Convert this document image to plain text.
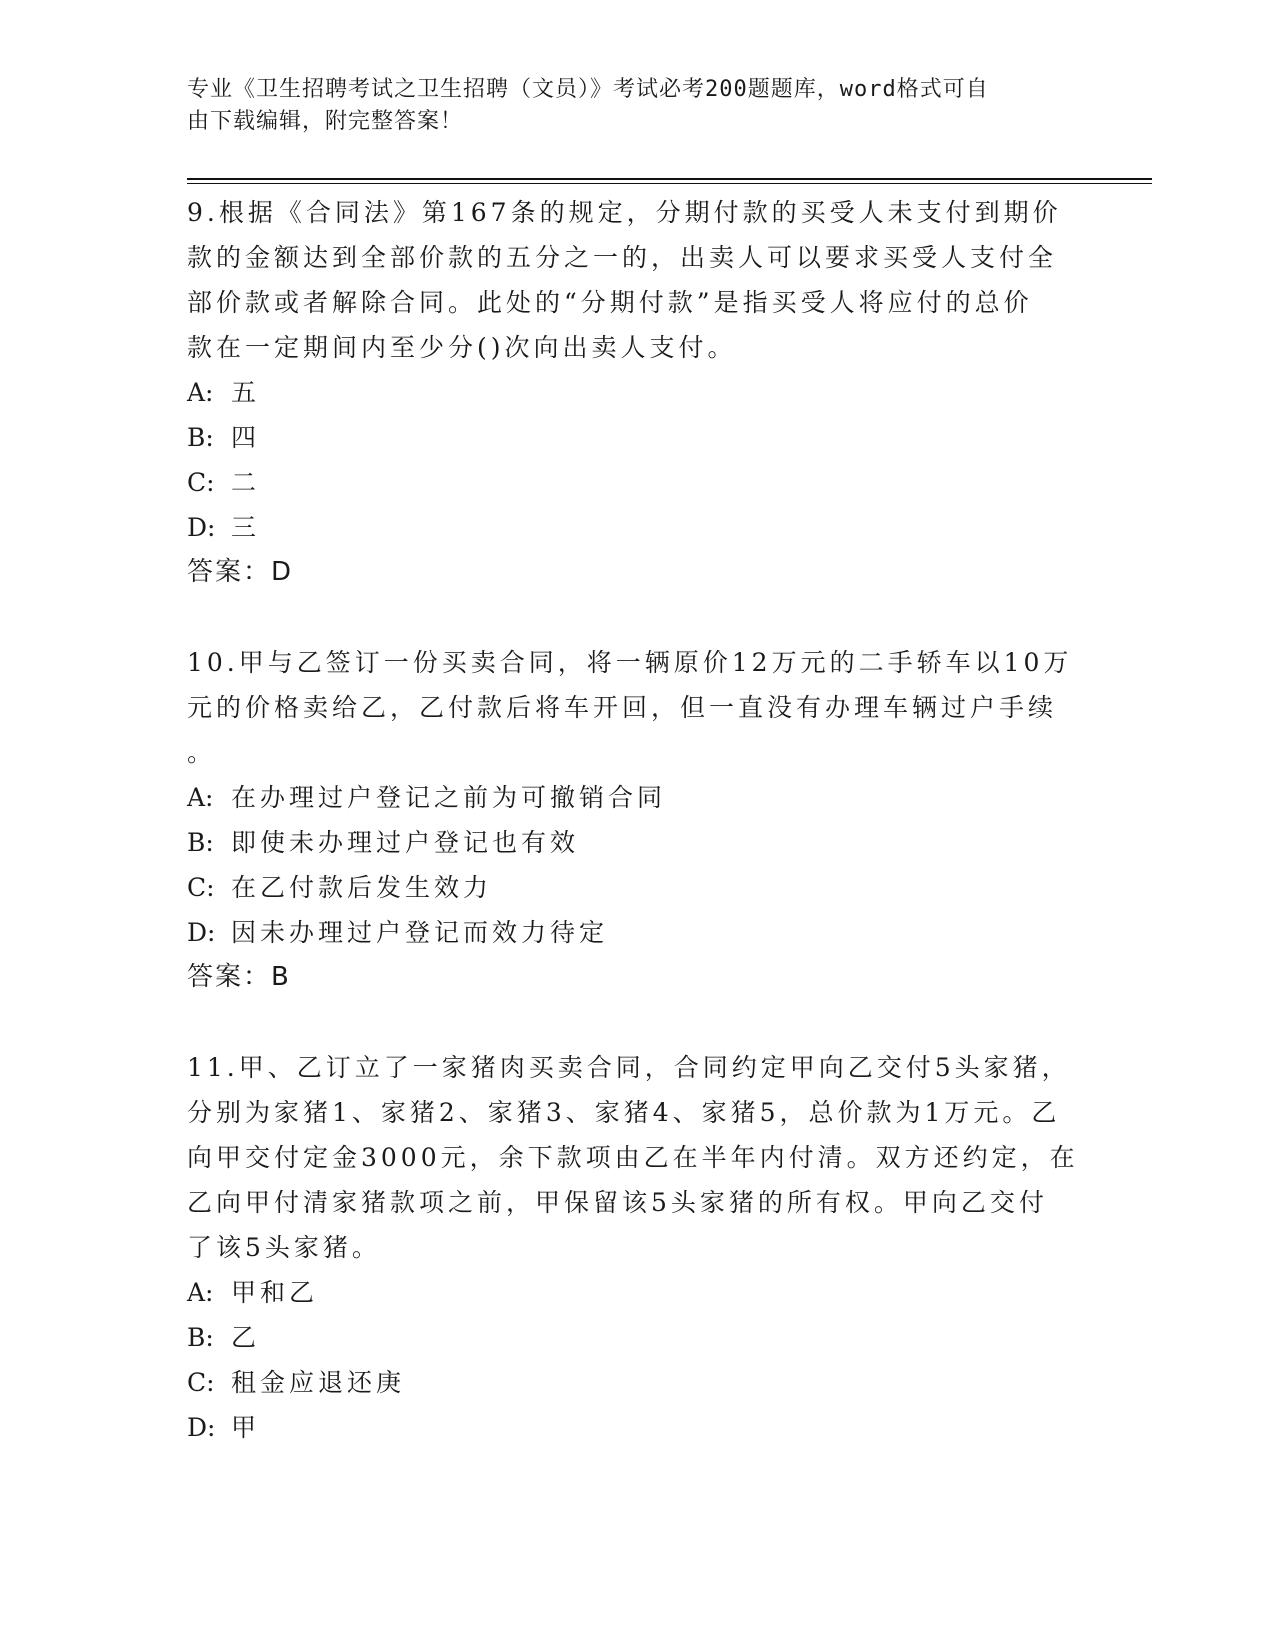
专业《卫生招聘考试之卫生招聘（文员）》考试必考200题题库，word格式可自
由下载编辑，附完整答案！
9.根据《合同法》第167条的规定，分期付款的买受人未支付到期价
款的金额达到全部价款的五分之一的，出卖人可以要求买受人支付全
部价款或者解除合同。此处的“分期付款”是指买受人将应付的总价
款在一定期间内至少分()次向出卖人支付。
A: 五
B: 四
C: 二
D: 三
答案：D
10.甲与乙签订一份买卖合同，将一辆原价12万元的二手轿车以10万
元的价格卖给乙，乙付款后将车开回，但一直没有办理车辆过户手续
。
A: 在办理过户登记之前为可撤销合同
B: 即使未办理过户登记也有效
C: 在乙付款后发生效力
D: 因未办理过户登记而效力待定
答案：B
11.甲、乙订立了一家猪肉买卖合同，合同约定甲向乙交付5头家猪，
分别为家猪1、家猪2、家猪3、家猪4、家猪5，总价款为1万元。乙
向甲交付定金3000元，余下款项由乙在半年内付清。双方还约定，在
乙向甲付清家猪款项之前，甲保留该5头家猪的所有权。甲向乙交付
了该5头家猪。
A: 甲和乙
B: 乙
C: 租金应退还庚
D: 甲
